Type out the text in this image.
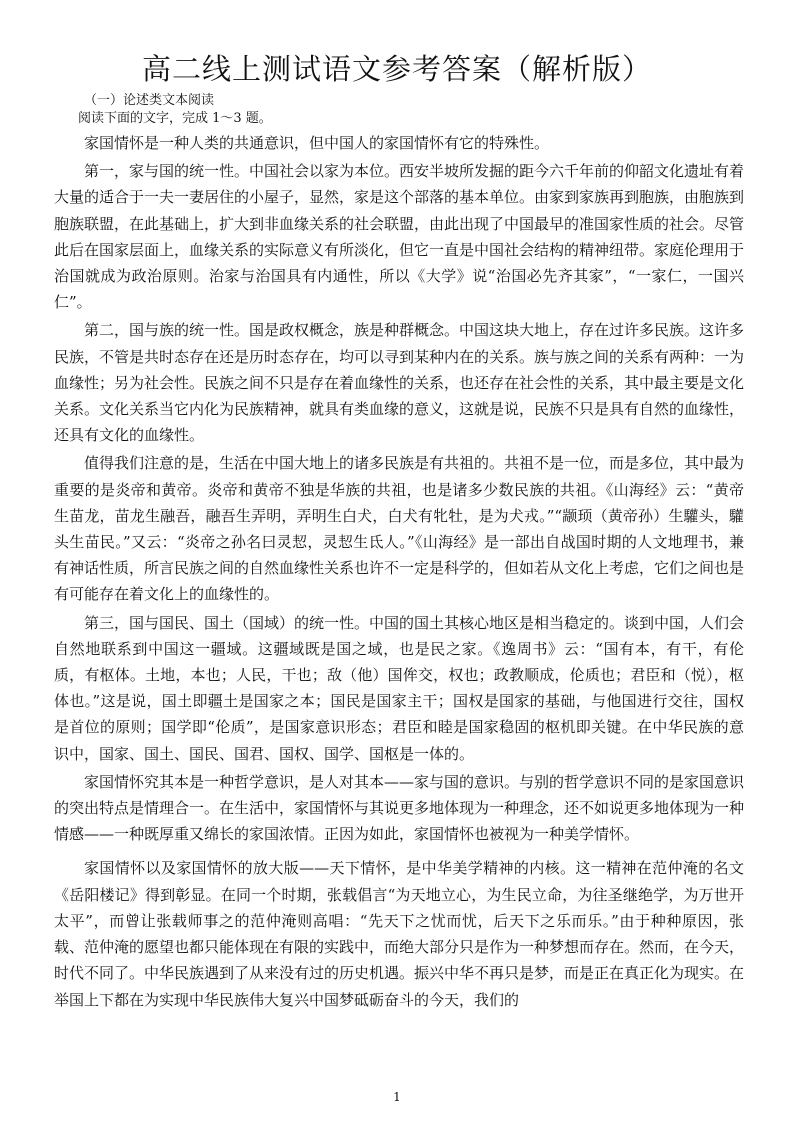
高二线上测试语文参考答案（解析版）
（一）论述类文本阅读
阅读下面的文字，完成 1～3 题。

家国情怀是一种人类的共通意识，但中国人的家国情怀有它的特殊性。

第一，家与国的统一性。中国社会以家为本位。西安半坡所发掘的距今六千年前的仰韶文化遗址有着大量的适合于一夫一妻居住的小屋子，显然，家是这个部落的基本单位。由家到家族再到胞族，由胞族到胞族联盟，在此基础上，扩大到非血缘关系的社会联盟，由此出现了中国最早的准国家性质的社会。尽管此后在国家层面上，血缘关系的实际意义有所淡化，但它一直是中国社会结构的精神纽带。家庭伦理用于治国就成为政治原则。治家与治国具有内通性，所以《大学》说“治国必先齐其家”，“一家仁，一国兴仁”。

第二，国与族的统一性。国是政权概念，族是种群概念。中国这块大地上，存在过许多民族。这许多民族，不管是共时态存在还是历时态存在，均可以寻到某种内在的关系。族与族之间的关系有两种：一为血缘性；另为社会性。民族之间不只是存在着血缘性的关系，也还存在社会性的关系，其中最主要是文化关系。文化关系当它内化为民族精神，就具有类血缘的意义，这就是说，民族不只是具有自然的血缘性，还具有文化的血缘性。

值得我们注意的是，生活在中国大地上的诸多民族是有共祖的。共祖不是一位，而是多位，其中最为重要的是炎帝和黄帝。炎帝和黄帝不独是华族的共祖，也是诸多少数民族的共祖。《山海经》云：“黄帝生苗龙，苗龙生融吾，融吾生弄明，弄明生白犬，白犬有牝牡，是为犬戎。”“颛顼（黄帝孙）生驩头，驩头生苗民。”又云：“炎帝之孙名曰灵恝，灵恝生氐人。”《山海经》是一部出自战国时期的人文地理书，兼有神话性质，所言民族之间的自然血缘性关系也许不一定是科学的，但如若从文化上考虑，它们之间也是有可能存在着文化上的血缘性的。

第三，国与国民、国土（国域）的统一性。中国的国土其核心地区是相当稳定的。谈到中国，人们会自然地联系到中国这一疆域。这疆域既是国之域，也是民之家。《逸周书》云：“国有本，有干，有伦质，有枢体。土地，本也；人民，干也；敌（他）国侔交，权也；政教顺成，伦质也；君臣和（悦），枢体也。”这是说，国土即疆土是国家之本；国民是国家主干；国权是国家的基础，与他国进行交往，国权是首位的原则；国学即“伦质”，是国家意识形态；君臣和睦是国家稳固的枢机即关键。在中华民族的意识中，国家、国土、国民、国君、国权、国学、国枢是一体的。

家国情怀究其本是一种哲学意识，是人对其本——家与国的意识。与别的哲学意识不同的是家国意识的突出特点是情理合一。在生活中，家国情怀与其说更多地体现为一种理念，还不如说更多地体现为一种情感——一种既厚重又绵长的家国浓情。正因为如此，家国情怀也被视为一种美学情怀。

家国情怀以及家国情怀的放大版——天下情怀，是中华美学精神的内核。这一精神在范仲淹的名文《岳阳楼记》得到彰显。在同一个时期，张载倡言“为天地立心，为生民立命，为往圣继绝学，为万世开太平”，而曾让张载师事之的范仲淹则高唱：“先天下之忧而忧，后天下之乐而乐。”由于种种原因，张载、范仲淹的愿望也都只能体现在有限的实践中，而绝大部分只是作为一种梦想而存在。然而，在今天，时代不同了。中华民族遇到了从来没有过的历史机遇。振兴中华不再只是梦，而是正在真正化为现实。在举国上下都在为实现中华民族伟大复兴中国梦砥砺奋斗的今天，我们的

1
